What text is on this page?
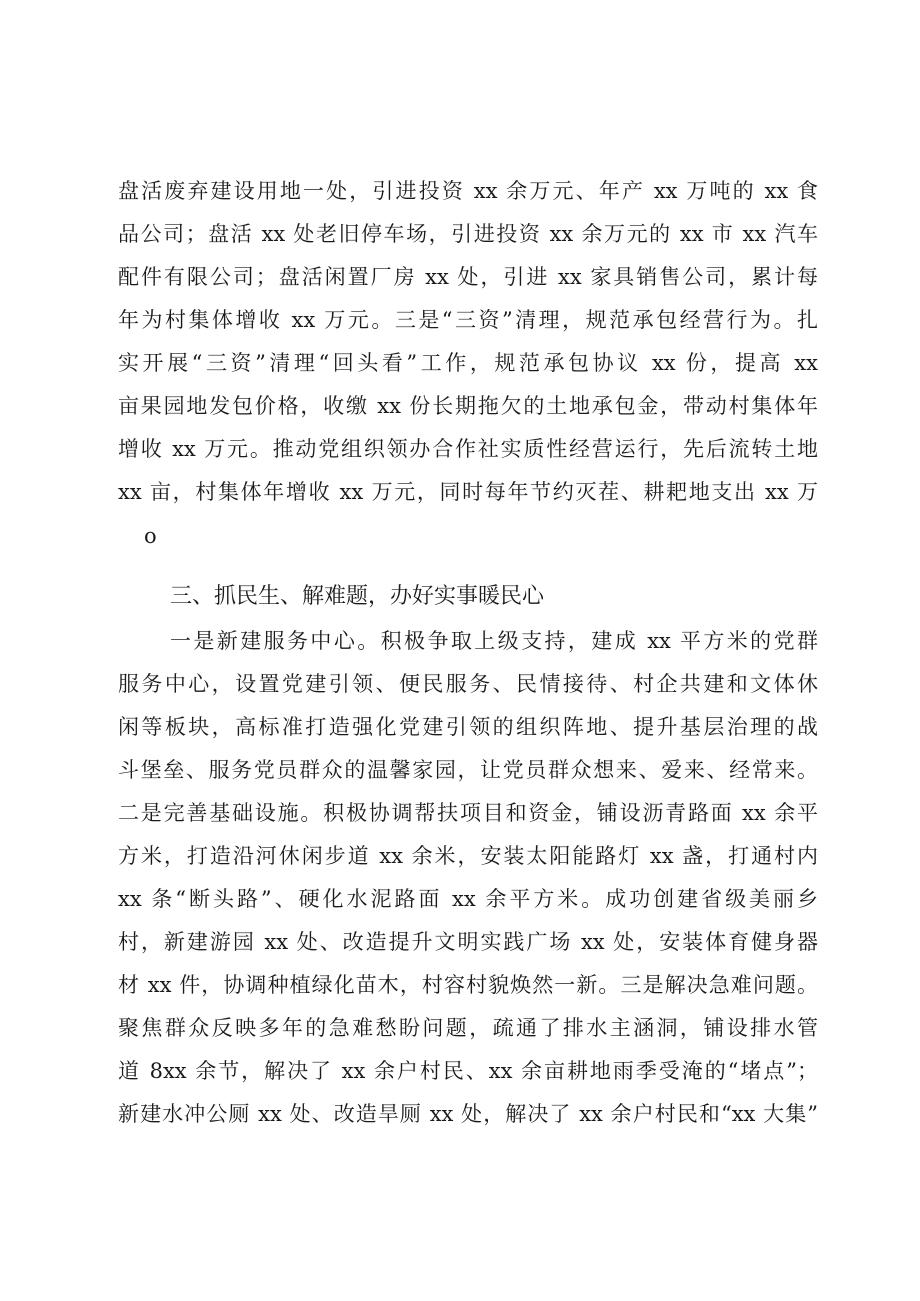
盘活废弃建设用地一处，引进投资 xx 余万元、年产 xx 万吨的 xx 食
品公司；盘活 xx 处老旧停车场，引进投资 xx 余万元的 xx 市 xx 汽车
配件有限公司；盘活闲置厂房 xx 处，引进 xx 家具销售公司，累计每
年为村集体增收 xx 万元。三是“三资”清理，规范承包经营行为。扎
实开展“三资”清理“回头看”工作，规范承包协议 xx 份，提高 xx
亩果园地发包价格，收缴 xx 份长期拖欠的土地承包金，带动村集体年
增收 xx 万元。推动党组织领办合作社实质性经营运行，先后流转土地
xx 亩，村集体年增收 xx 万元，同时每年节约灭茬、耕耙地支出 xx 万
o
三、抓民生、解难题，办好实事暖民心
一是新建服务中心。积极争取上级支持，建成 xx 平方米的党群
服务中心，设置党建引领、便民服务、民情接待、村企共建和文体休
闲等板块，高标准打造强化党建引领的组织阵地、提升基层治理的战
斗堡垒、服务党员群众的温馨家园，让党员群众想来、爱来、经常来。
二是完善基础设施。积极协调帮扶项目和资金，铺设沥青路面 xx 余平
方米，打造沿河休闲步道 xx 余米，安装太阳能路灯 xx 盏，打通村内
xx 条“断头路”、硬化水泥路面 xx 余平方米。成功创建省级美丽乡
村，新建游园 xx 处、改造提升文明实践广场 xx 处，安装体育健身器
材 xx 件，协调种植绿化苗木，村容村貌焕然一新。三是解决急难问题。
聚焦群众反映多年的急难愁盼问题，疏通了排水主涵洞，铺设排水管
道 8xx 余节，解决了 xx 余户村民、xx 余亩耕地雨季受淹的“堵点”；
新建水冲公厕 xx 处、改造旱厕 xx 处，解决了 xx 余户村民和“xx 大集”
